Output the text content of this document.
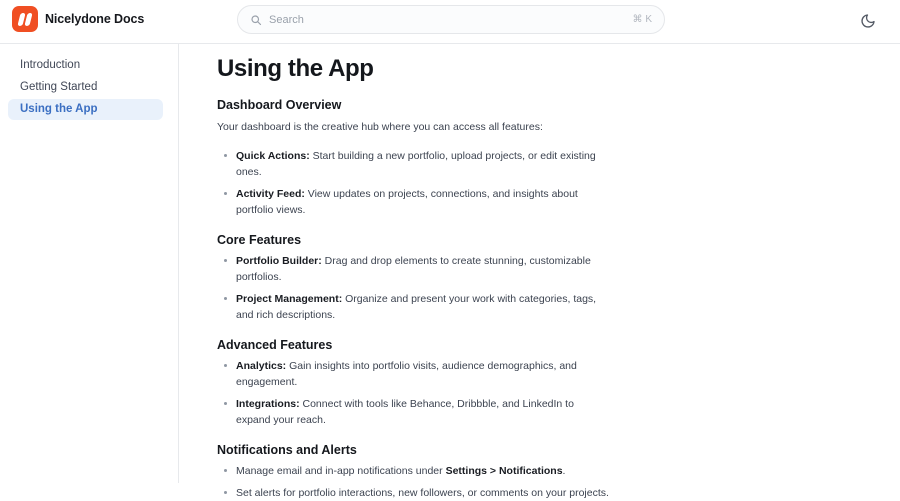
Nicelydone Docs
Search	⌘ K
Introduction
Getting Started
Using the App
Using the App
Dashboard Overview

Your dashboard is the creative hub where you can access all features:

Quick Actions: Start building a new portfolio, upload projects, or edit existing ones.
Activity Feed: View updates on projects, connections, and insights about portfolio views.
Core Features
Portfolio Builder: Drag and drop elements to create stunning, customizable portfolios.
Project Management: Organize and present your work with categories, tags, and rich descriptions.
Advanced Features
Analytics: Gain insights into portfolio visits, audience demographics, and engagement.
Integrations: Connect with tools like Behance, Dribbble, and LinkedIn to expand your reach.
Notifications and Alerts
Manage email and in-app notifications under Settings > Notifications.
Set alerts for portfolio interactions, new followers, or comments on your projects.
